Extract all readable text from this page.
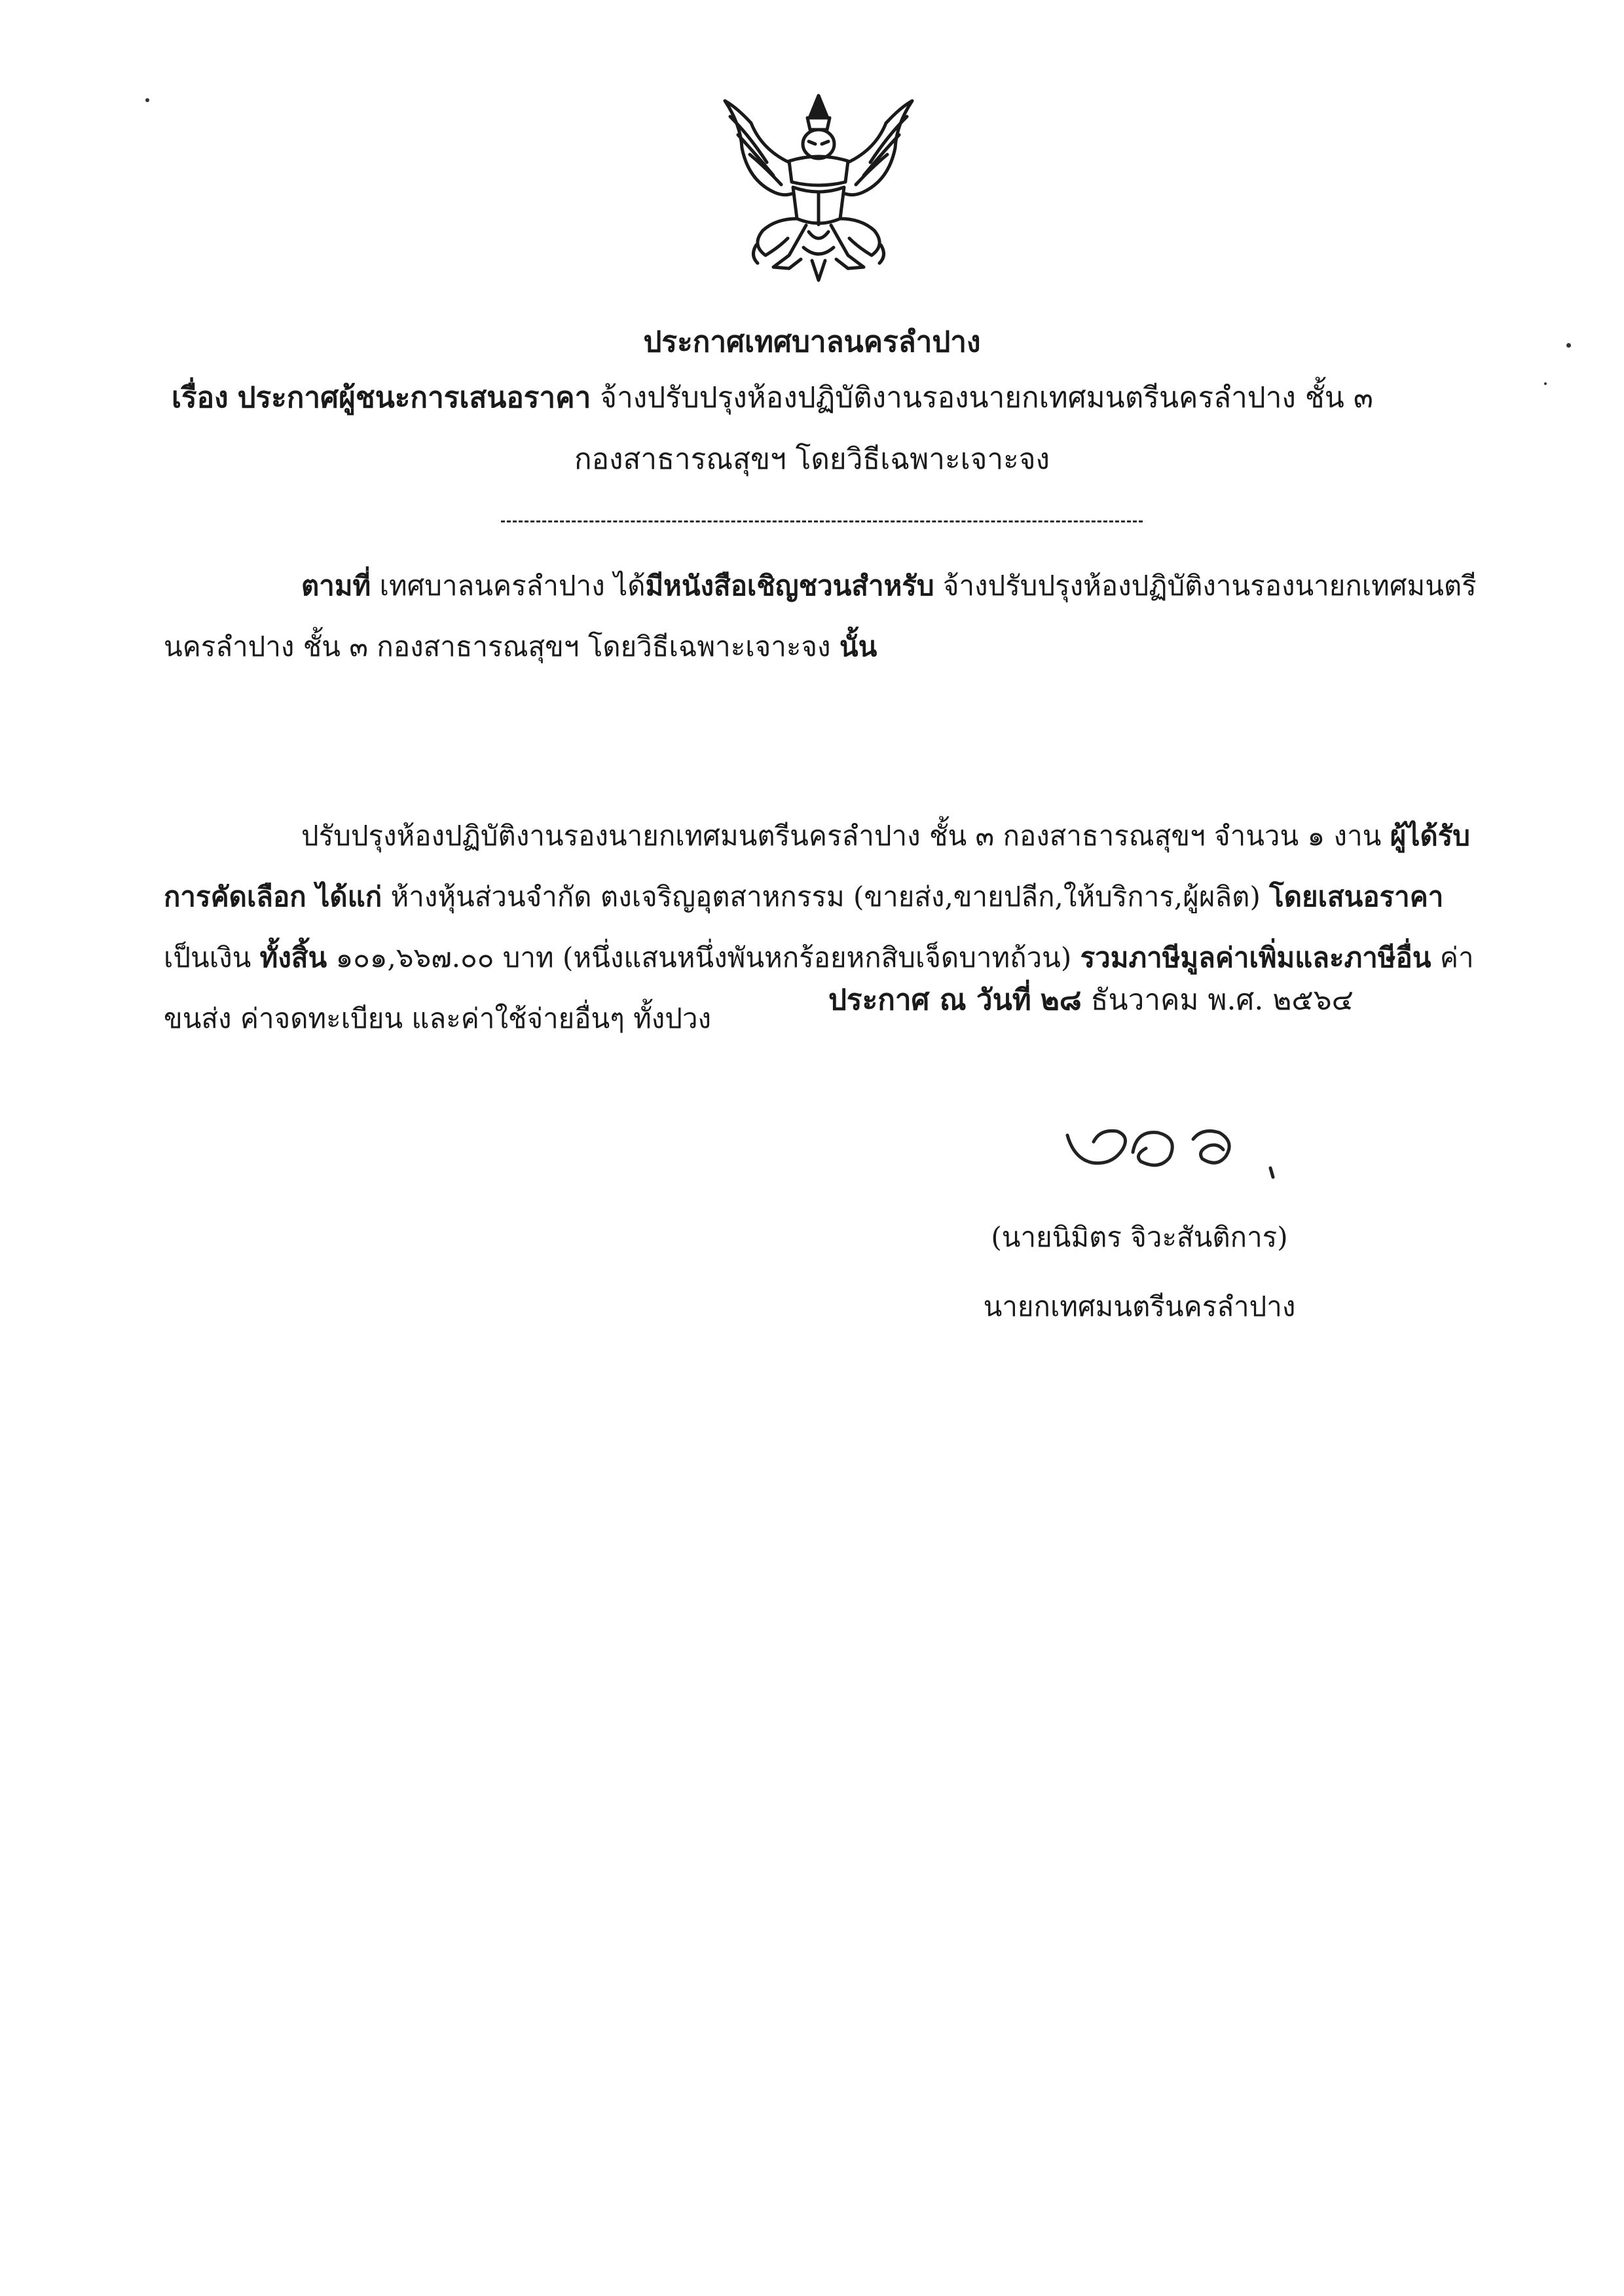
ประกาศเทศบาลนครลำปาง
เรื่อง ประกาศผู้ชนะการเสนอราคา จ้างปรับปรุงห้องปฏิบัติงานรองนายกเทศมนตรีนครลำปาง ชั้น ๓
กองสาธารณสุขฯ โดยวิธีเฉพาะเจาะจง
ตามที่ เทศบาลนครลำปาง ได้มีหนังสือเชิญชวนสำหรับ จ้างปรับปรุงห้องปฏิบัติงานรองนายกเทศมนตรีนครลำปาง ชั้น ๓ กองสาธารณสุขฯ โดยวิธีเฉพาะเจาะจง นั้น
ปรับปรุงห้องปฏิบัติงานรองนายกเทศมนตรีนครลำปาง ชั้น ๓ กองสาธารณสุขฯ จำนวน ๑ งาน ผู้ได้รับการคัดเลือก ได้แก่ ห้างหุ้นส่วนจำกัด ตงเจริญอุตสาหกรรม (ขายส่ง,ขายปลีก,ให้บริการ,ผู้ผลิต) โดยเสนอราคา เป็นเงิน ทั้งสิ้น ๑๐๑,๖๖๗.๐๐ บาท (หนึ่งแสนหนึ่งพันหกร้อยหกสิบเจ็ดบาทถ้วน) รวมภาษีมูลค่าเพิ่มและภาษีอื่น ค่าขนส่ง ค่าจดทะเบียน และค่าใช้จ่ายอื่นๆ ทั้งปวง
ประกาศ ณ วันที่ ๒๘ ธันวาคม พ.ศ. ๒๕๖๔
(นายนิมิตร จิวะสันติการ)
นายกเทศมนตรีนครลำปาง
